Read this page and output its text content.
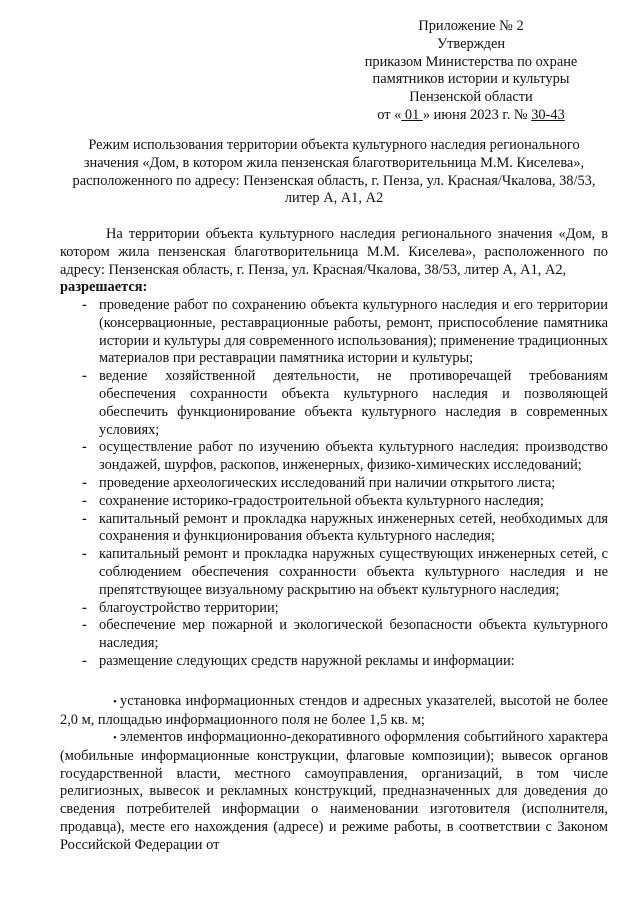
Приложение № 2
Утвержден
приказом Министерства по охране
памятников истории и культуры
Пензенской области
от « 01 » июня 2023 г. № 30-43
Режим использования территории объекта культурного наследия регионального значения «Дом, в котором жила пензенская благотворительница М.М. Киселева», расположенного по адресу: Пензенская область, г. Пенза, ул. Красная/Чкалова, 38/53, литер А, А1, А2

На территории объекта культурного наследия регионального значения «Дом, в котором жила пензенская благотворительница М.М. Киселева», расположенного по адресу: Пензенская область, г. Пенза, ул. Красная/Чкалова, 38/53, литер А, А1, А2,

разрешается:

- проведение работ по сохранению объекта культурного наследия и его территории (консервационные, реставрационные работы, ремонт, приспособление памятника истории и культуры для современного использования); применение традиционных материалов при реставрации памятника истории и культуры;
- ведение хозяйственной деятельности, не противоречащей требованиям обеспечения сохранности объекта культурного наследия и позволяющей обеспечить функционирование объекта культурного наследия в современных условиях;
- осуществление работ по изучению объекта культурного наследия: производство зондажей, шурфов, раскопов, инженерных, физико-химических исследований;
- проведение археологических исследований при наличии открытого листа;
- сохранение историко-градостроительной объекта культурного наследия;
- капитальный ремонт и прокладка наружных инженерных сетей, необходимых для сохранения и функционирования объекта культурного наследия;
- капитальный ремонт и прокладка наружных существующих инженерных сетей, с соблюдением обеспечения сохранности объекта культурного наследия и не препятствующее визуальному раскрытию на объект культурного наследия;
- благоустройство территории;
- обеспечение мер пожарной и экологической безопасности объекта культурного наследия;
- размещение следующих средств наружной рекламы и информации:
• установка информационных стендов и адресных указателей, высотой не более 2,0 м, площадью информационного поля не более 1,5 кв. м;
• элементов информационно-декоративного оформления событийного характера (мобильные информационные конструкции, флаговые композиции); вывесок органов государственной власти, местного самоуправления, организаций, в том числе религиозных, вывесок и рекламных конструкций, предназначенных для доведения до сведения потребителей информации о наименовании изготовителя (исполнителя, продавца), месте его нахождения (адресе) и режиме работы, в соответствии с Законом Российской Федерации от
